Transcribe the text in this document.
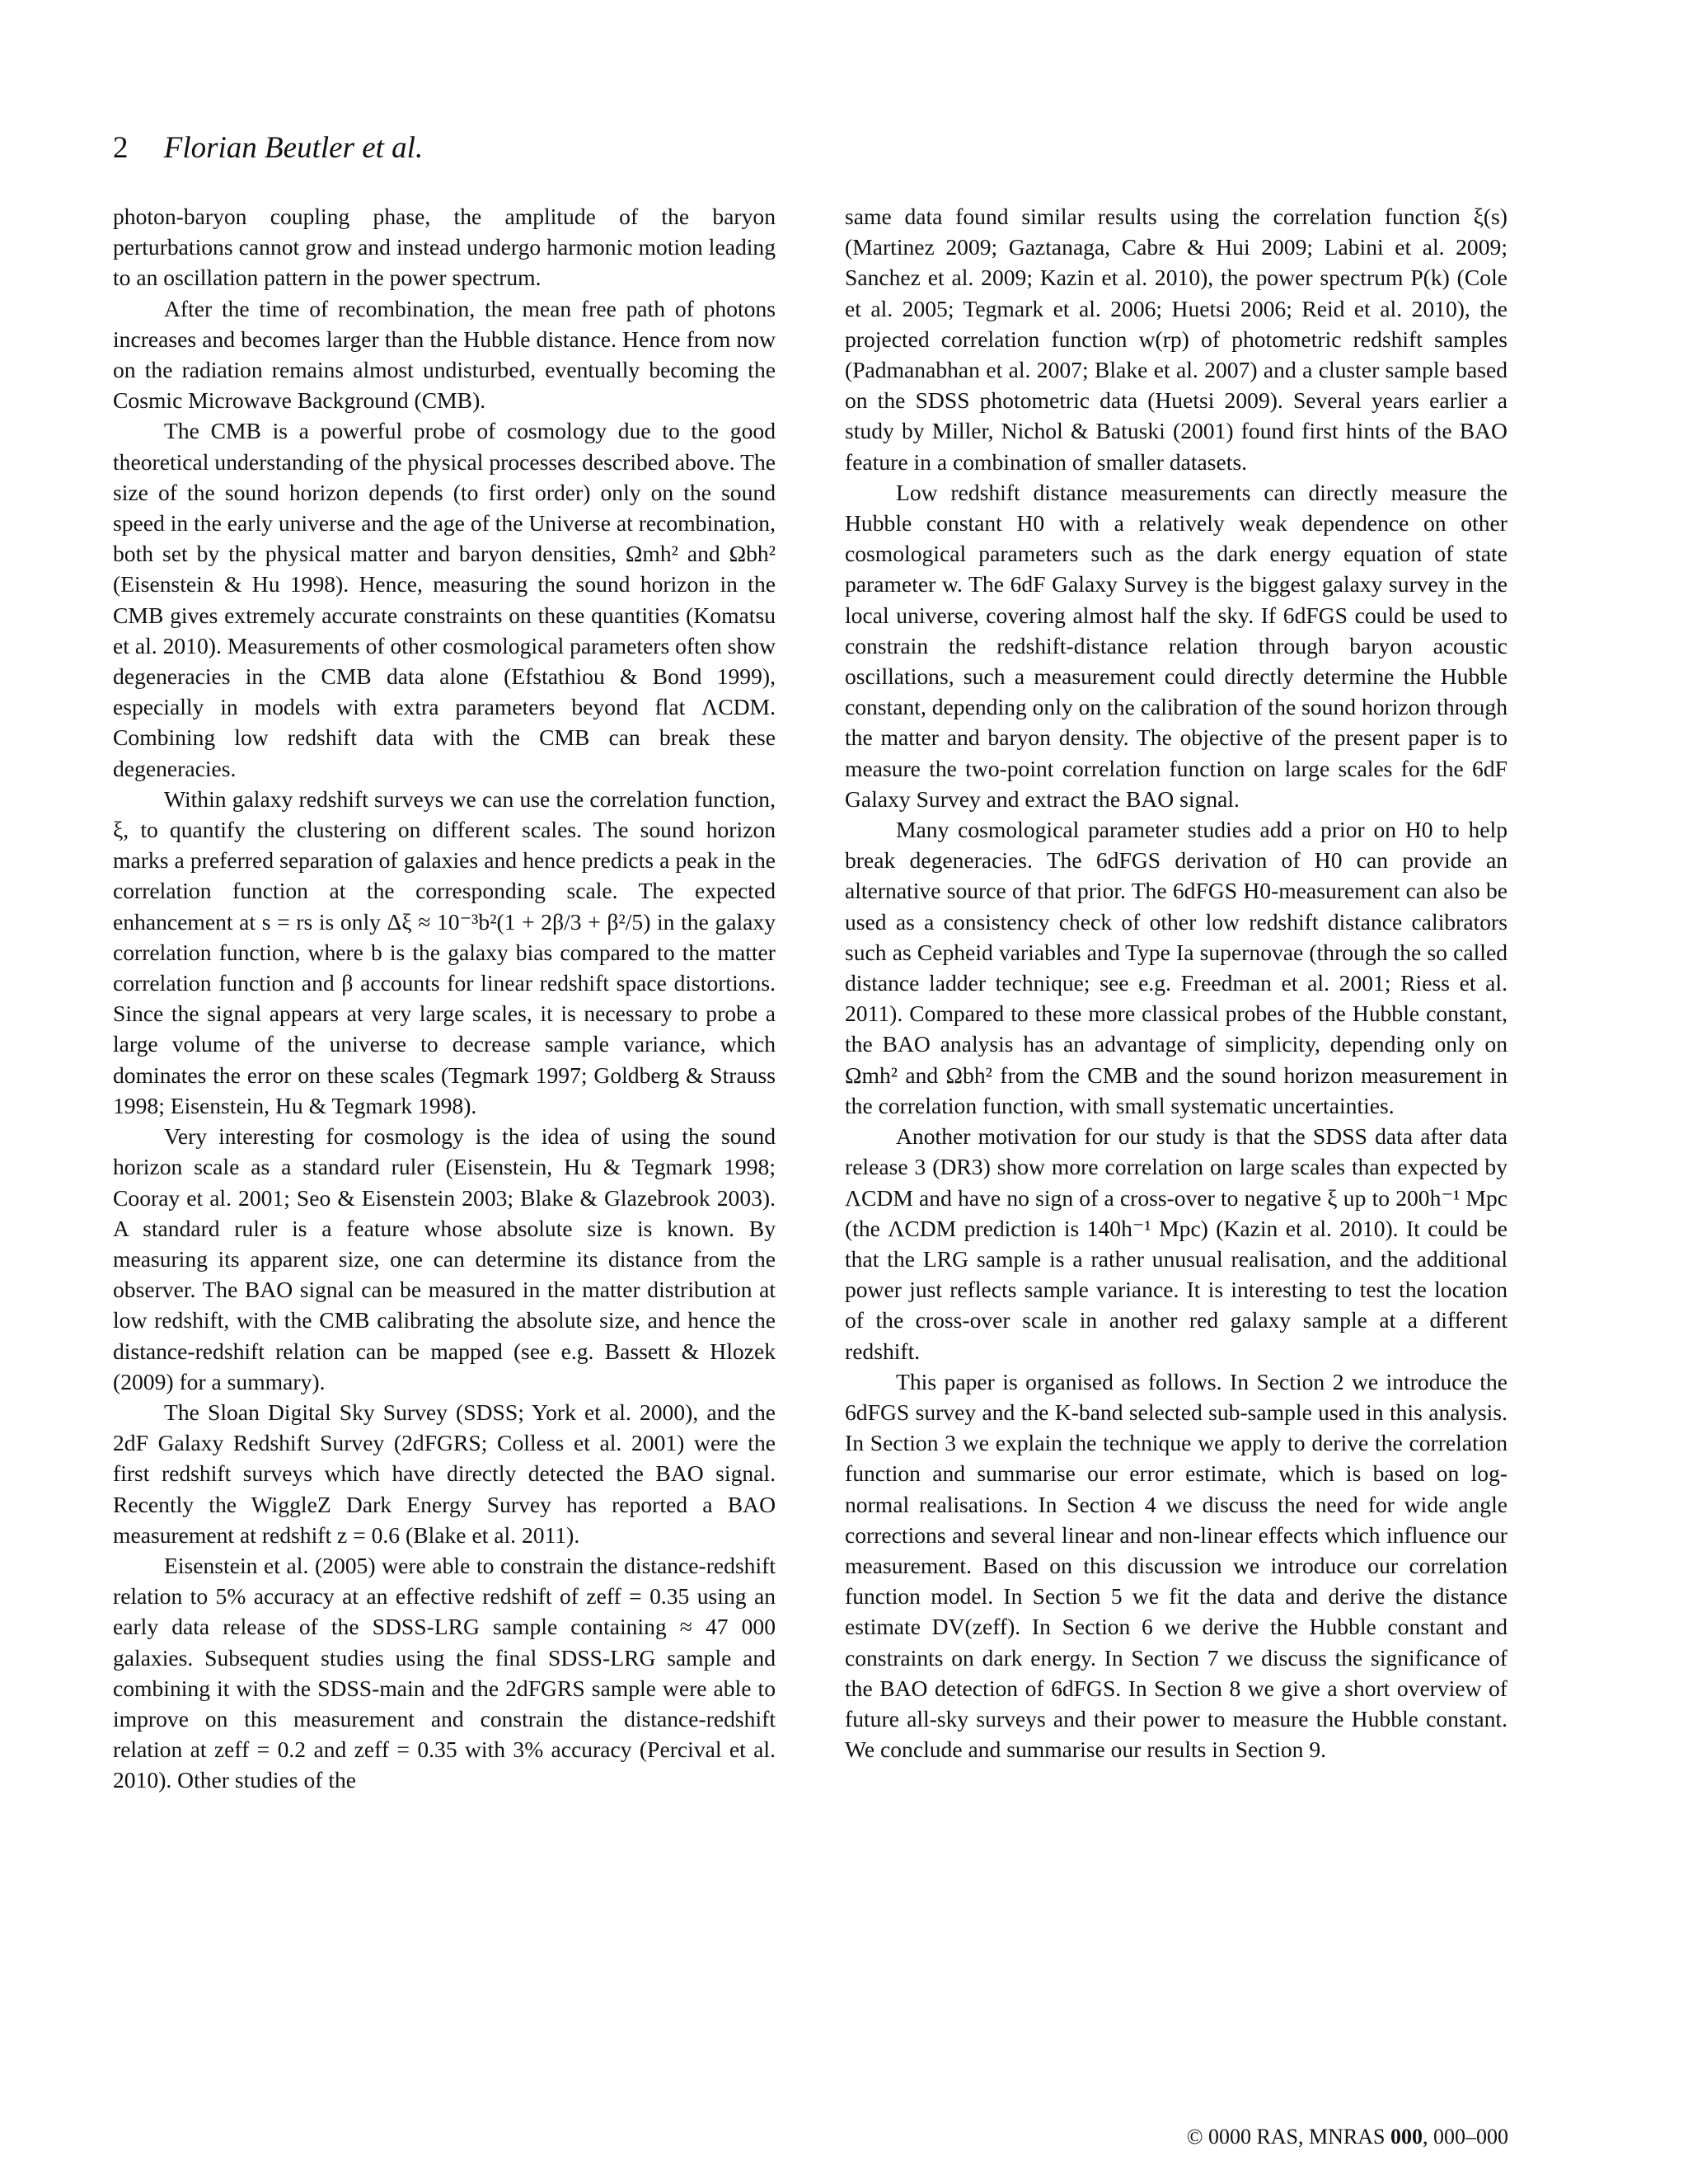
2 Florian Beutler et al.

photon-baryon coupling phase, the amplitude of the baryon perturbations cannot grow and instead undergo harmonic motion leading to an oscillation pattern in the power spectrum.

After the time of recombination, the mean free path of photons increases and becomes larger than the Hubble distance. Hence from now on the radiation remains almost undisturbed, eventually becoming the Cosmic Microwave Background (CMB).

The CMB is a powerful probe of cosmology due to the good theoretical understanding of the physical processes described above. The size of the sound horizon depends (to first order) only on the sound speed in the early universe and the age of the Universe at recombination, both set by the physical matter and baryon densities, Ωmh² and Ωbh² (Eisenstein & Hu 1998). Hence, measuring the sound horizon in the CMB gives extremely accurate constraints on these quantities (Komatsu et al. 2010). Measurements of other cosmological parameters often show degeneracies in the CMB data alone (Efstathiou & Bond 1999), especially in models with extra parameters beyond flat ΛCDM. Combining low redshift data with the CMB can break these degeneracies.

Within galaxy redshift surveys we can use the correlation function, ξ, to quantify the clustering on different scales. The sound horizon marks a preferred separation of galaxies and hence predicts a peak in the correlation function at the corresponding scale. The expected enhancement at s = rs is only Δξ ≈ 10⁻³b²(1 + 2β/3 + β²/5) in the galaxy correlation function, where b is the galaxy bias compared to the matter correlation function and β accounts for linear redshift space distortions. Since the signal appears at very large scales, it is necessary to probe a large volume of the universe to decrease sample variance, which dominates the error on these scales (Tegmark 1997; Goldberg & Strauss 1998; Eisenstein, Hu & Tegmark 1998).

Very interesting for cosmology is the idea of using the sound horizon scale as a standard ruler (Eisenstein, Hu & Tegmark 1998; Cooray et al. 2001; Seo & Eisenstein 2003; Blake & Glazebrook 2003). A standard ruler is a feature whose absolute size is known. By measuring its apparent size, one can determine its distance from the observer. The BAO signal can be measured in the matter distribution at low redshift, with the CMB calibrating the absolute size, and hence the distance-redshift relation can be mapped (see e.g. Bassett & Hlozek (2009) for a summary).

The Sloan Digital Sky Survey (SDSS; York et al. 2000), and the 2dF Galaxy Redshift Survey (2dFGRS; Colless et al. 2001) were the first redshift surveys which have directly detected the BAO signal. Recently the WiggleZ Dark Energy Survey has reported a BAO measurement at redshift z = 0.6 (Blake et al. 2011).

Eisenstein et al. (2005) were able to constrain the distance-redshift relation to 5% accuracy at an effective redshift of zeff = 0.35 using an early data release of the SDSS-LRG sample containing ≈ 47 000 galaxies. Subsequent studies using the final SDSS-LRG sample and combining it with the SDSS-main and the 2dFGRS sample were able to improve on this measurement and constrain the distance-redshift relation at zeff = 0.2 and zeff = 0.35 with 3% accuracy (Percival et al. 2010). Other studies of the

same data found similar results using the correlation function ξ(s) (Martinez 2009; Gaztanaga, Cabre & Hui 2009; Labini et al. 2009; Sanchez et al. 2009; Kazin et al. 2010), the power spectrum P(k) (Cole et al. 2005; Tegmark et al. 2006; Huetsi 2006; Reid et al. 2010), the projected correlation function w(rp) of photometric redshift samples (Padmanabhan et al. 2007; Blake et al. 2007) and a cluster sample based on the SDSS photometric data (Huetsi 2009). Several years earlier a study by Miller, Nichol & Batuski (2001) found first hints of the BAO feature in a combination of smaller datasets.

Low redshift distance measurements can directly measure the Hubble constant H0 with a relatively weak dependence on other cosmological parameters such as the dark energy equation of state parameter w. The 6dF Galaxy Survey is the biggest galaxy survey in the local universe, covering almost half the sky. If 6dFGS could be used to constrain the redshift-distance relation through baryon acoustic oscillations, such a measurement could directly determine the Hubble constant, depending only on the calibration of the sound horizon through the matter and baryon density. The objective of the present paper is to measure the two-point correlation function on large scales for the 6dF Galaxy Survey and extract the BAO signal.

Many cosmological parameter studies add a prior on H0 to help break degeneracies. The 6dFGS derivation of H0 can provide an alternative source of that prior. The 6dFGS H0-measurement can also be used as a consistency check of other low redshift distance calibrators such as Cepheid variables and Type Ia supernovae (through the so called distance ladder technique; see e.g. Freedman et al. 2001; Riess et al. 2011). Compared to these more classical probes of the Hubble constant, the BAO analysis has an advantage of simplicity, depending only on Ωmh² and Ωbh² from the CMB and the sound horizon measurement in the correlation function, with small systematic uncertainties.

Another motivation for our study is that the SDSS data after data release 3 (DR3) show more correlation on large scales than expected by ΛCDM and have no sign of a cross-over to negative ξ up to 200h⁻¹ Mpc (the ΛCDM prediction is 140h⁻¹ Mpc) (Kazin et al. 2010). It could be that the LRG sample is a rather unusual realisation, and the additional power just reflects sample variance. It is interesting to test the location of the cross-over scale in another red galaxy sample at a different redshift.

This paper is organised as follows. In Section 2 we introduce the 6dFGS survey and the K-band selected sub-sample used in this analysis. In Section 3 we explain the technique we apply to derive the correlation function and summarise our error estimate, which is based on log-normal realisations. In Section 4 we discuss the need for wide angle corrections and several linear and non-linear effects which influence our measurement. Based on this discussion we introduce our correlation function model. In Section 5 we fit the data and derive the distance estimate DV(zeff). In Section 6 we derive the Hubble constant and constraints on dark energy. In Section 7 we discuss the significance of the BAO detection of 6dFGS. In Section 8 we give a short overview of future all-sky surveys and their power to measure the Hubble constant. We conclude and summarise our results in Section 9.

© 0000 RAS, MNRAS 000, 000–000
